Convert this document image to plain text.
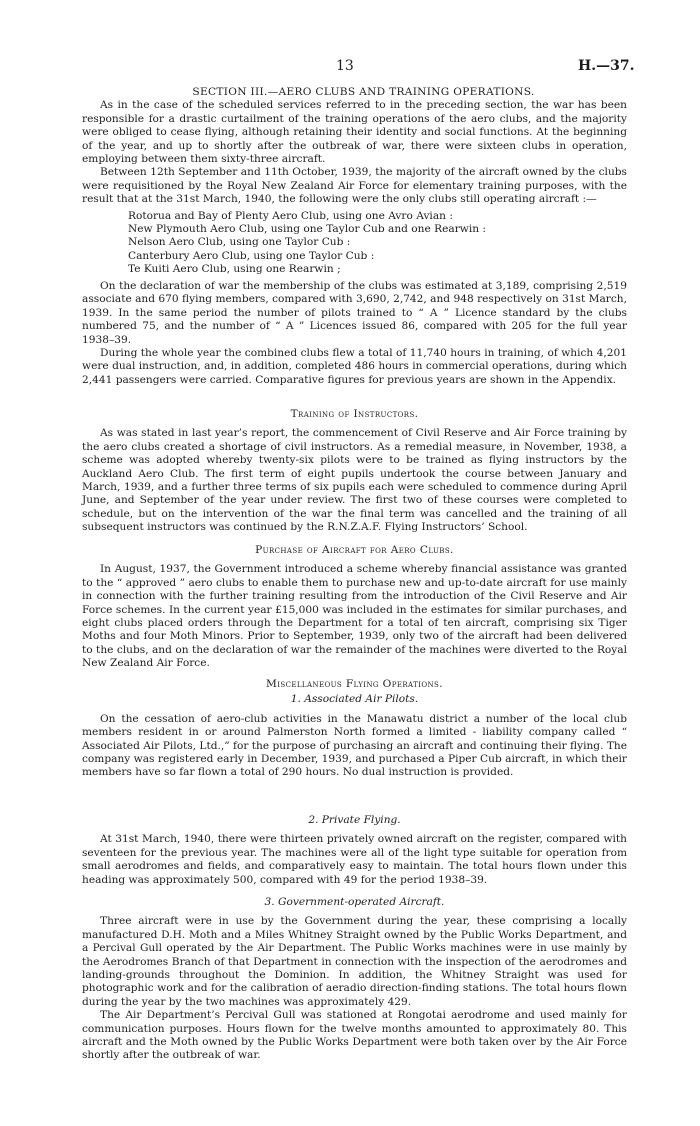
13	H.—37.

SECTION III.—AERO CLUBS AND TRAINING OPERATIONS.

As in the case of the scheduled services referred to in the preceding section, the war has been responsible for a drastic curtailment of the training operations of the aero clubs, and the majority were obliged to cease flying, although retaining their identity and social functions. At the beginning of the year, and up to shortly after the outbreak of war, there were sixteen clubs in operation, employing between them sixty-three aircraft.

Between 12th September and 11th October, 1939, the majority of the aircraft owned by the clubs were requisitioned by the Royal New Zealand Air Force for elementary training purposes, with the result that at the 31st March, 1940, the following were the only clubs still operating aircraft :—

Rotorua and Bay of Plenty Aero Club, using one Avro Avian :
New Plymouth Aero Club, using one Taylor Cub and one Rearwin :
Nelson Aero Club, using one Taylor Cub :
Canterbury Aero Club, using one Taylor Cub :
Te Kuiti Aero Club, using one Rearwin ;

On the declaration of war the membership of the clubs was estimated at 3,189, comprising 2,519 associate and 670 flying members, compared with 3,690, 2,742, and 948 respectively on 31st March, 1939. In the same period the number of pilots trained to “ A ” Licence standard by the clubs numbered 75, and the number of “ A ” Licences issued 86, compared with 205 for the full year 1938–39.

During the whole year the combined clubs flew a total of 11,740 hours in training, of which 4,201 were dual instruction, and, in addition, completed 486 hours in commercial operations, during which 2,441 passengers were carried. Comparative figures for previous years are shown in the Appendix.

Training of Instructors.

As was stated in last year’s report, the commencement of Civil Reserve and Air Force training by the aero clubs created a shortage of civil instructors. As a remedial measure, in November, 1938, a scheme was adopted whereby twenty-six pilots were to be trained as flying instructors by the Auckland Aero Club. The first term of eight pupils undertook the course between January and March, 1939, and a further three terms of six pupils each were scheduled to commence during April June, and September of the year under review. The first two of these courses were completed to schedule, but on the intervention of the war the final term was cancelled and the training of all subsequent instructors was continued by the R.N.Z.A.F. Flying Instructors’ School.

Purchase of Aircraft for Aero Clubs.

In August, 1937, the Government introduced a scheme whereby financial assistance was granted to the “ approved ” aero clubs to enable them to purchase new and up-to-date aircraft for use mainly in connection with the further training resulting from the introduction of the Civil Reserve and Air Force schemes. In the current year £15,000 was included in the estimates for similar purchases, and eight clubs placed orders through the Department for a total of ten aircraft, comprising six Tiger Moths and four Moth Minors. Prior to September, 1939, only two of the aircraft had been delivered to the clubs, and on the declaration of war the remainder of the machines were diverted to the Royal New Zealand Air Force.

Miscellaneous Flying Operations.

1. Associated Air Pilots.

On the cessation of aero-club activities in the Manawatu district a number of the local club members resident in or around Palmerston North formed a limited - liability company called “ Associated Air Pilots, Ltd.,” for the purpose of purchasing an aircraft and continuing their flying. The company was registered early in December, 1939, and purchased a Piper Cub aircraft, in which their members have so far flown a total of 290 hours. No dual instruction is provided.

2. Private Flying.

At 31st March, 1940, there were thirteen privately owned aircraft on the register, compared with seventeen for the previous year. The machines were all of the light type suitable for operation from small aerodromes and fields, and comparatively easy to maintain. The total hours flown under this heading was approximately 500, compared with 49 for the period 1938–39.

3. Government-operated Aircraft.

Three aircraft were in use by the Government during the year, these comprising a locally manufactured D.H. Moth and a Miles Whitney Straight owned by the Public Works Department, and a Percival Gull operated by the Air Department. The Public Works machines were in use mainly by the Aerodromes Branch of that Department in connection with the inspection of the aerodromes and landing-grounds throughout the Dominion. In addition, the Whitney Straight was used for photographic work and for the calibration of aeradio direction-finding stations. The total hours flown during the year by the two machines was approximately 429.

The Air Department’s Percival Gull was stationed at Rongotai aerodrome and used mainly for communication purposes. Hours flown for the twelve months amounted to approximately 80. This aircraft and the Moth owned by the Public Works Department were both taken over by the Air Force shortly after the outbreak of war.
